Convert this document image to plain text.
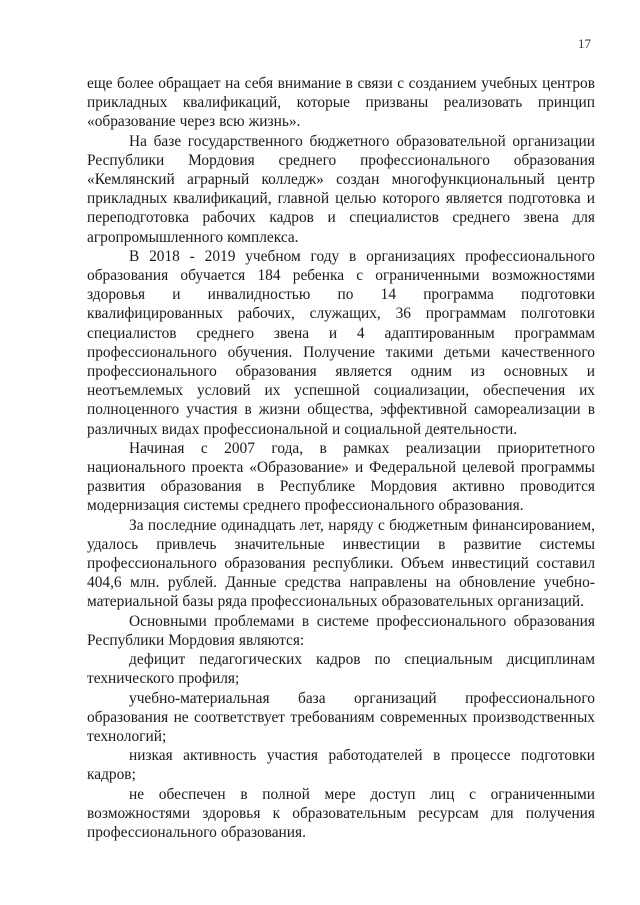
17

еще более обращает на себя внимание в связи с созданием учебных центров прикладных квалификаций, которые призваны реализовать принцип «образование через всю жизнь».

На базе государственного бюджетного образовательной организации Республики Мордовия среднего профессионального образования «Кемлянский аграрный колледж» создан многофункциональный центр прикладных квалификаций, главной целью которого является подготовка и переподготовка рабочих кадров и специалистов среднего звена для агропромышленного комплекса.

В 2018 - 2019 учебном году в организациях профессионального образования обучается 184 ребенка с ограниченными возможностями здоровья и инвалидностью по 14 программа подготовки квалифицированных рабочих, служащих, 36 программам полготовки специалистов среднего звена и 4 адаптированным программам профессионального обучения. Получение такими детьми качественного профессионального образования является одним из основных и неотъемлемых условий их успешной социализации, обеспечения их полноценного участия в жизни общества, эффективной самореализации в различных видах профессиональной и социальной деятельности.

Начиная с 2007 года, в рамках реализации приоритетного национального проекта «Образование» и Федеральной целевой программы развития образования в Республике Мордовия активно проводится модернизация системы среднего профессионального образования.

За последние одинадцать лет, наряду с бюджетным финансированием, удалось привлечь значительные инвестиции в развитие системы профессионального образования республики. Объем инвестиций составил 404,6 млн. рублей. Данные средства направлены на обновление учебно-материальной базы ряда профессиональных образовательных организаций.

Основными проблемами в системе профессионального образования Республики Мордовия являются:

дефицит педагогических кадров по специальным дисциплинам технического профиля;

учебно-материальная база организаций профессионального образования не соответствует требованиям современных производственных технологий;

низкая активность участия работодателей в процессе подготовки кадров;

не обеспечен в полной мере доступ лиц с ограниченными возможностями здоровья к образовательным ресурсам для получения профессионального образования.
